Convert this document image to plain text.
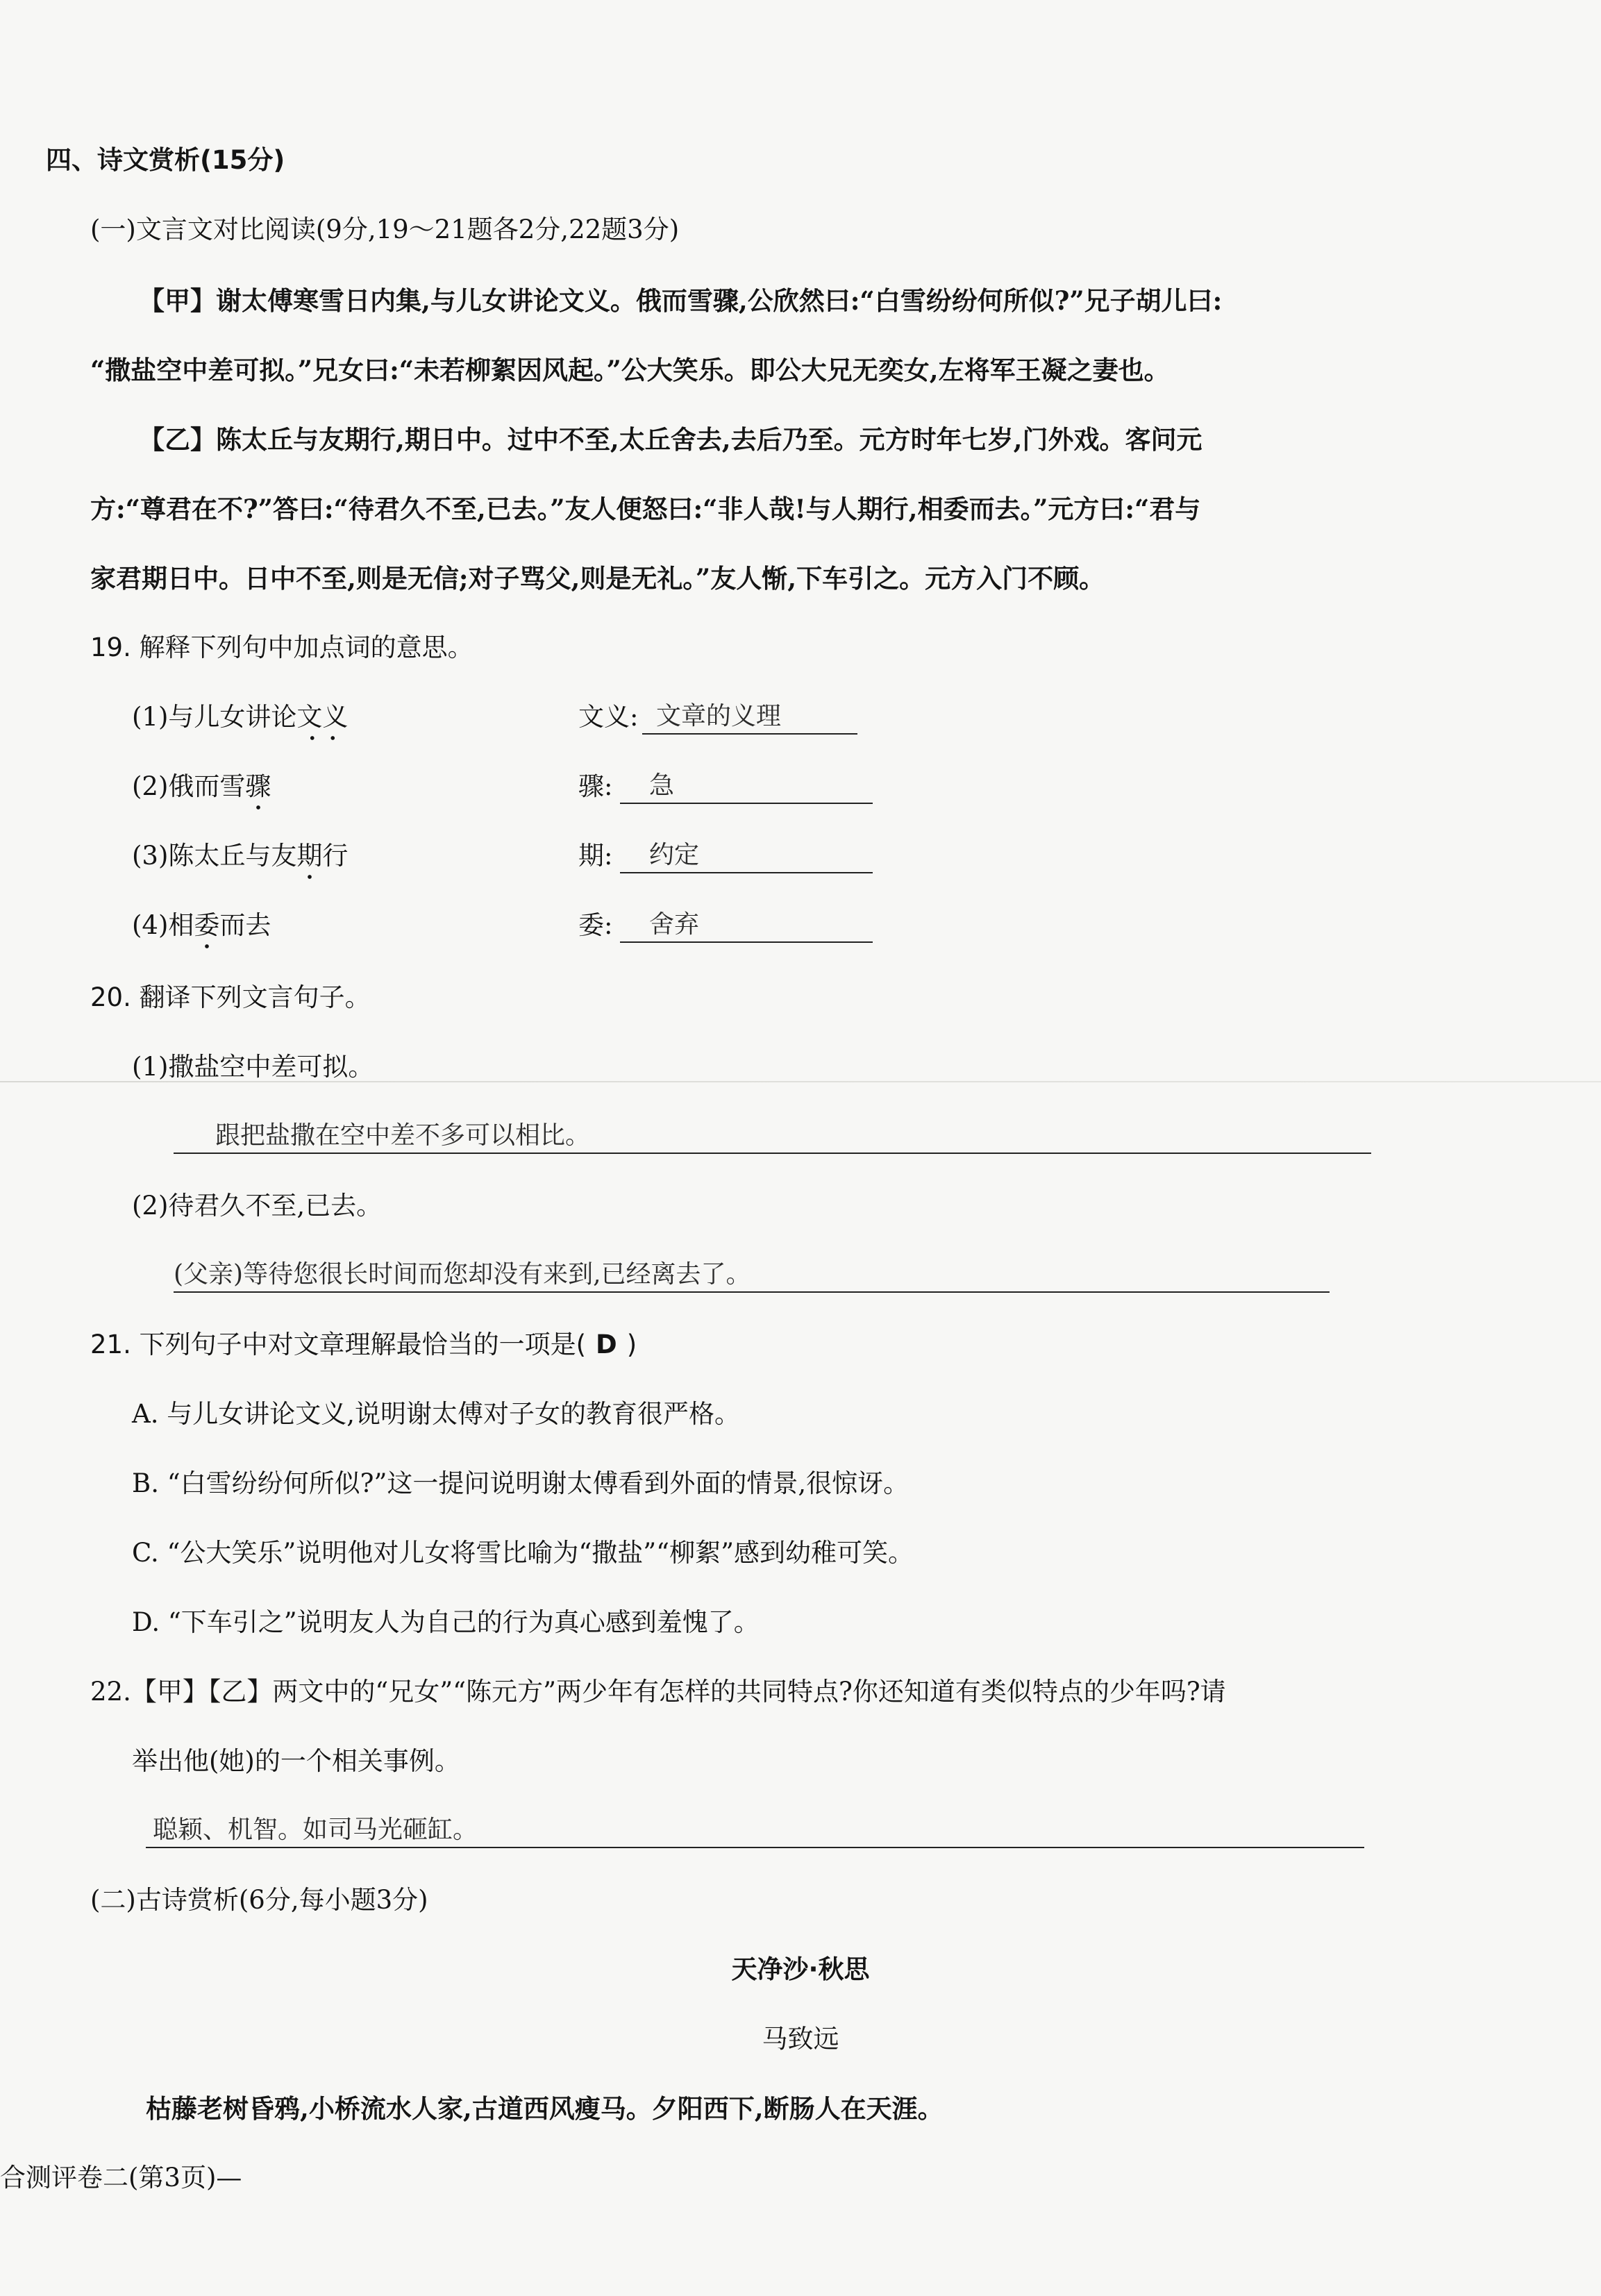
四、诗文赏析(15分)
(一)文言文对比阅读(9分,19～21题各2分,22题3分)
【甲】谢太傅寒雪日内集,与儿女讲论文义。俄而雪骤,公欣然曰:“白雪纷纷何所似?”兄子胡儿曰:
“撒盐空中差可拟。”兄女曰:“未若柳絮因风起。”公大笑乐。即公大兄无奕女,左将军王凝之妻也。
【乙】陈太丘与友期行,期日中。过中不至,太丘舍去,去后乃至。元方时年七岁,门外戏。客问元
方:“尊君在不?”答曰:“待君久不至,已去。”友人便怒曰:“非人哉!与人期行,相委而去。”元方曰:“君与
家君期日中。日中不至,则是无信;对子骂父,则是无礼。”友人惭,下车引之。元方入门不顾。
19. 解释下列句中加点词的意思。
(1)与儿女讲论文义	文义: 文章的义理
(2)俄而雪骤	骤:	急
(3)陈太丘与友期行	期:	约定
(4)相委而去	委:	舍弃
20. 翻译下列文言句子。
(1)撒盐空中差可拟。
跟把盐撒在空中差不多可以相比。
(2)待君久不至,已去。
(父亲)等待您很长时间而您却没有来到,已经离去了。
21. 下列句子中对文章理解最恰当的一项是( D )
A. 与儿女讲论文义,说明谢太傅对子女的教育很严格。
B. “白雪纷纷何所似?”这一提问说明谢太傅看到外面的情景,很惊讶。
C. “公大笑乐”说明他对儿女将雪比喻为“撒盐”“柳絮”感到幼稚可笑。
D. “下车引之”说明友人为自己的行为真心感到羞愧了。
22.【甲】【乙】两文中的“兄女”“陈元方”两少年有怎样的共同特点?你还知道有类似特点的少年吗?请
举出他(她)的一个相关事例。
聪颖、机智。如司马光砸缸。
(二)古诗赏析(6分,每小题3分)
天净沙·秋思
马致远
枯藤老树昏鸦,小桥流水人家,古道西风瘦马。夕阳西下,断肠人在天涯。
合测评卷二(第3页)—
